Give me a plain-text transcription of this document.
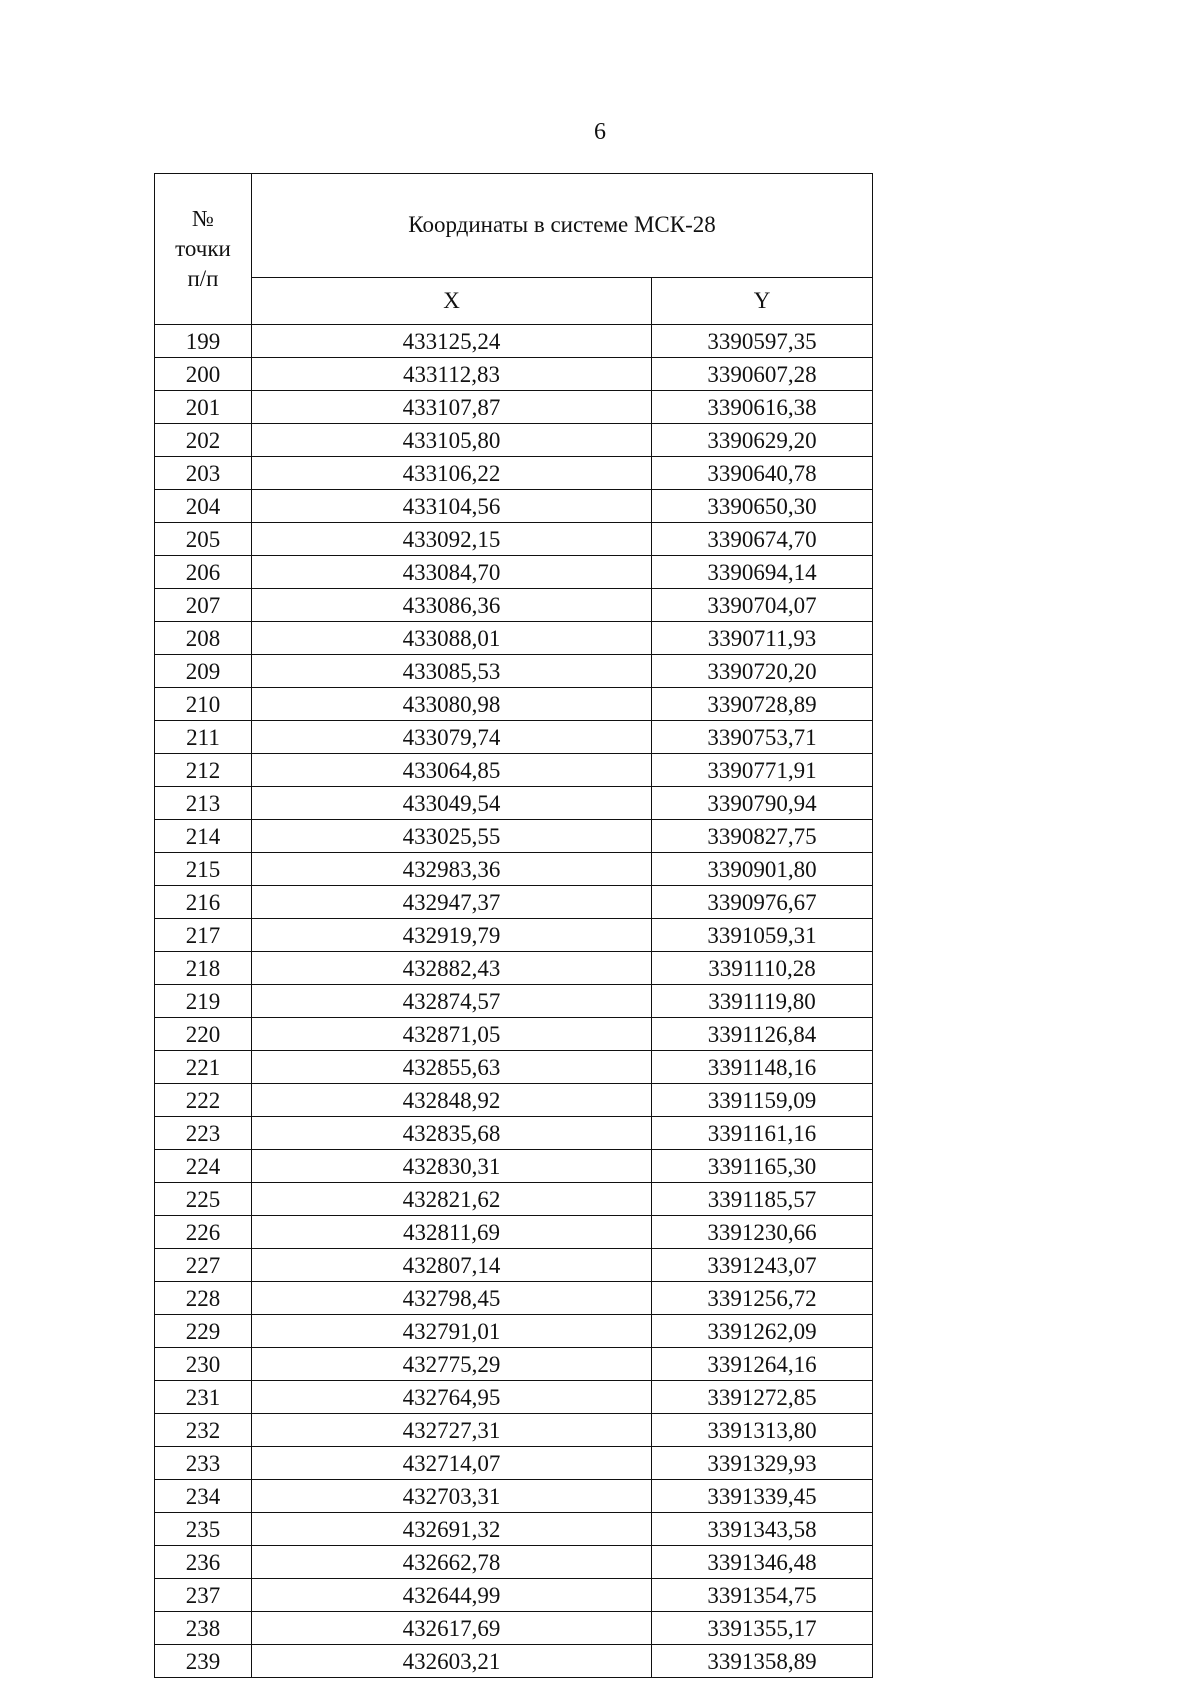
6
№
точки
п/п	Координаты в системе МСК-28	
	X	Y
199	433125,24	3390597,35
200	433112,83	3390607,28
201	433107,87	3390616,38
202	433105,80	3390629,20
203	433106,22	3390640,78
204	433104,56	3390650,30
205	433092,15	3390674,70
206	433084,70	3390694,14
207	433086,36	3390704,07
208	433088,01	3390711,93
209	433085,53	3390720,20
210	433080,98	3390728,89
211	433079,74	3390753,71
212	433064,85	3390771,91
213	433049,54	3390790,94
214	433025,55	3390827,75
215	432983,36	3390901,80
216	432947,37	3390976,67
217	432919,79	3391059,31
218	432882,43	3391110,28
219	432874,57	3391119,80
220	432871,05	3391126,84
221	432855,63	3391148,16
222	432848,92	3391159,09
223	432835,68	3391161,16
224	432830,31	3391165,30
225	432821,62	3391185,57
226	432811,69	3391230,66
227	432807,14	3391243,07
228	432798,45	3391256,72
229	432791,01	3391262,09
230	432775,29	3391264,16
231	432764,95	3391272,85
232	432727,31	3391313,80
233	432714,07	3391329,93
234	432703,31	3391339,45
235	432691,32	3391343,58
236	432662,78	3391346,48
237	432644,99	3391354,75
238	432617,69	3391355,17
239	432603,21	3391358,89
